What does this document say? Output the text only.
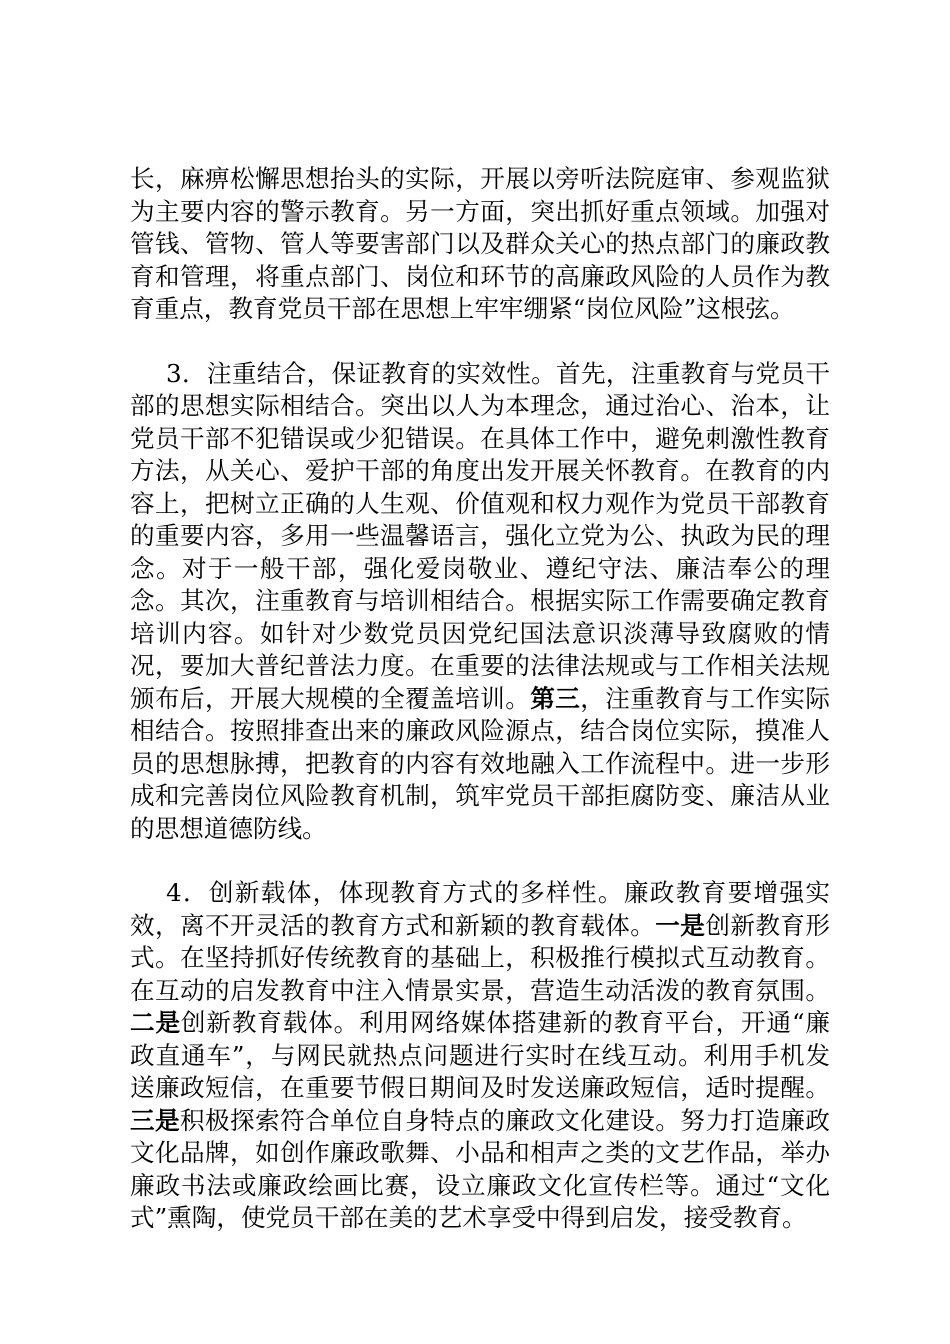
长，麻痹松懈思想抬头的实际，开展以旁听法院庭审、参观监狱为主要内容的警示教育。另一方面，突出抓好重点领域。加强对管钱、管物、管人等要害部门以及群众关心的热点部门的廉政教育和管理，将重点部门、岗位和环节的高廉政风险的人员作为教育重点，教育党员干部在思想上牢牢绷紧“岗位风险”这根弦。

3．注重结合，保证教育的实效性。首先，注重教育与党员干部的思想实际相结合。突出以人为本理念，通过治心、治本，让党员干部不犯错误或少犯错误。在具体工作中，避免刺激性教育方法，从关心、爱护干部的角度出发开展关怀教育。在教育的内容上，把树立正确的人生观、价值观和权力观作为党员干部教育的重要内容，多用一些温馨语言，强化立党为公、执政为民的理念。对于一般干部，强化爱岗敬业、遵纪守法、廉洁奉公的理念。其次，注重教育与培训相结合。根据实际工作需要确定教育培训内容。如针对少数党员因党纪国法意识淡薄导致腐败的情况，要加大普纪普法力度。在重要的法律法规或与工作相关法规颁布后，开展大规模的全覆盖培训。第三，注重教育与工作实际相结合。按照排查出来的廉政风险源点，结合岗位实际，摸准人员的思想脉搏，把教育的内容有效地融入工作流程中。进一步形成和完善岗位风险教育机制，筑牢党员干部拒腐防变、廉洁从业的思想道德防线。

4．创新载体，体现教育方式的多样性。廉政教育要增强实效，离不开灵活的教育方式和新颖的教育载体。一是创新教育形式。在坚持抓好传统教育的基础上，积极推行模拟式互动教育。在互动的启发教育中注入情景实景，营造生动活泼的教育氛围。二是创新教育载体。利用网络媒体搭建新的教育平台，开通“廉政直通车”，与网民就热点问题进行实时在线互动。利用手机发送廉政短信，在重要节假日期间及时发送廉政短信，适时提醒。三是积极探索符合单位自身特点的廉政文化建设。努力打造廉政文化品牌，如创作廉政歌舞、小品和相声之类的文艺作品，举办廉政书法或廉政绘画比赛，设立廉政文化宣传栏等。通过“文化式”熏陶，使党员干部在美的艺术享受中得到启发，接受教育。
